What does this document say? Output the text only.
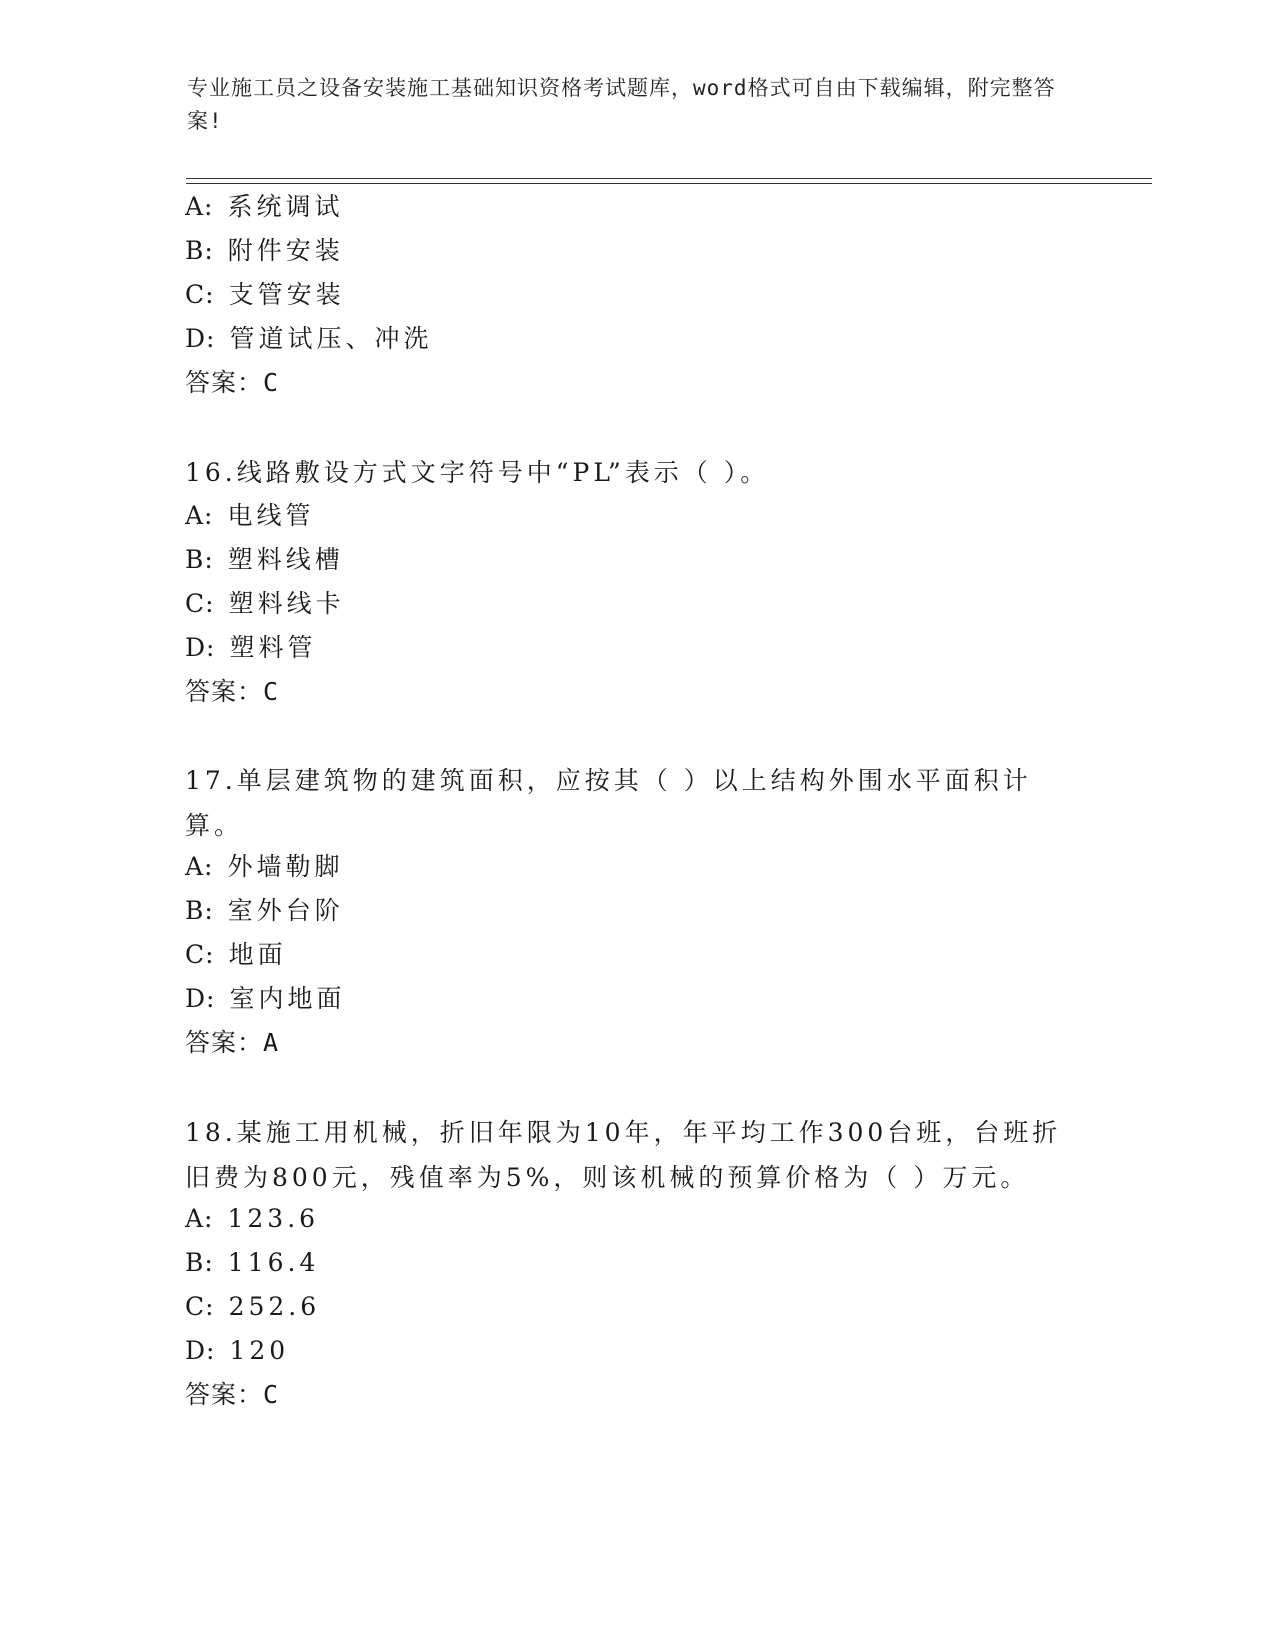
专业施工员之设备安装施工基础知识资格考试题库，word格式可自由下载编辑，附完整答案!
A: 系统调试
B: 附件安装
C: 支管安装
D: 管道试压、冲洗
答案：C
16.线路敷设方式文字符号中“PL”表示（ ）。
A: 电线管
B: 塑料线槽
C: 塑料线卡
D: 塑料管
答案：C
17.单层建筑物的建筑面积，应按其（ ）以上结构外围水平面积计算。
A: 外墙勒脚
B: 室外台阶
C: 地面
D: 室内地面
答案：A
18.某施工用机械，折旧年限为10年，年平均工作300台班，台班折旧费为800元，残值率为5%，则该机械的预算价格为（ ）万元。
A: 123.6
B: 116.4
C: 252.6
D: 120
答案：C
